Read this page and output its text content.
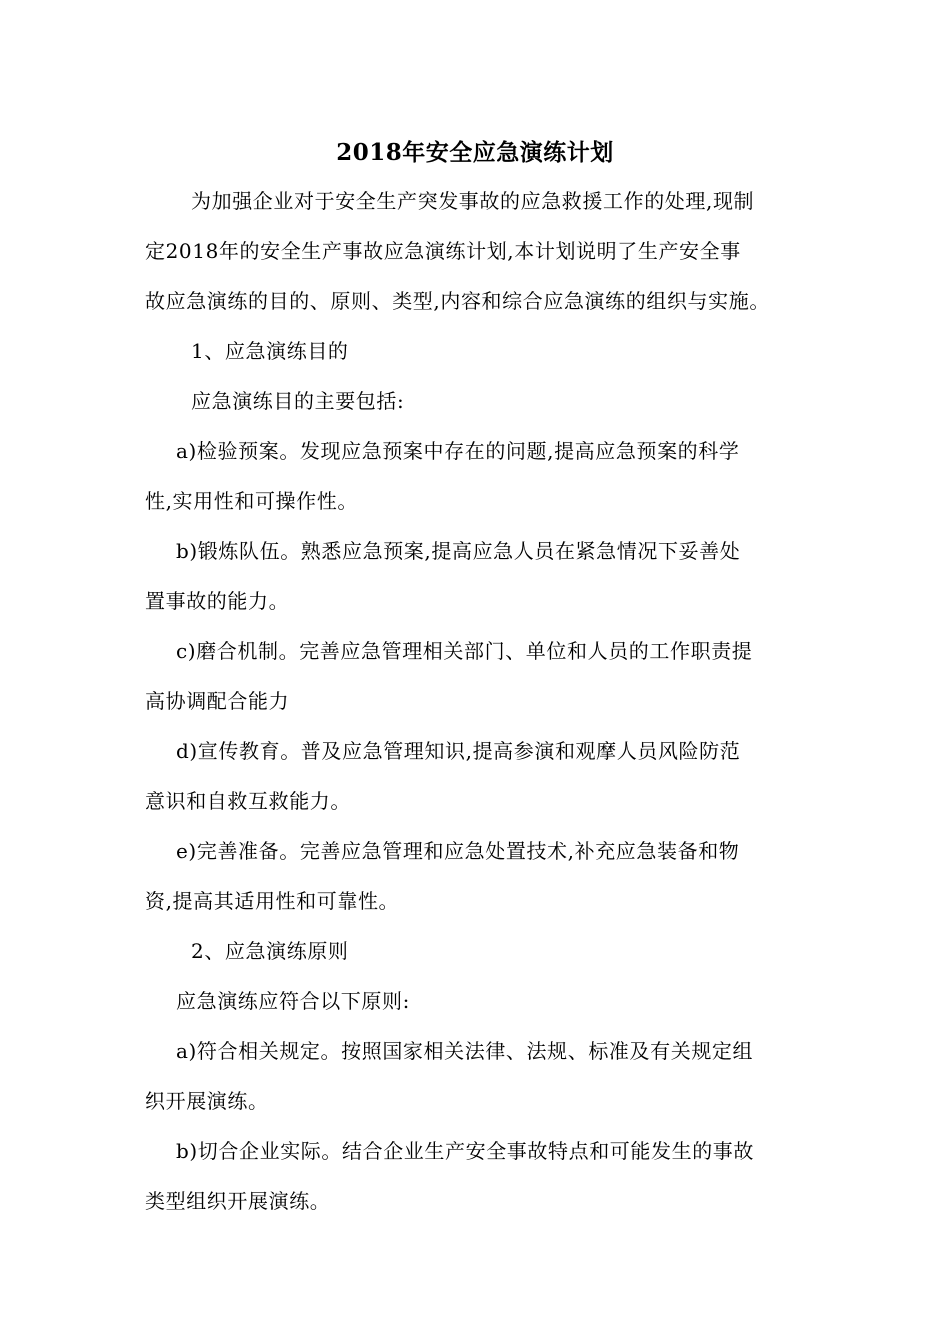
2018年安全应急演练计划
为加强企业对于安全生产突发事故的应急救援工作的处理,现制
定2018年的安全生产事故应急演练计划,本计划说明了生产安全事
故应急演练的目的、原则、类型,内容和综合应急演练的组织与实施。
1、应急演练目的
应急演练目的主要包括:
a)检验预案。发现应急预案中存在的问题,提高应急预案的科学
性,实用性和可操作性。
b)锻炼队伍。熟悉应急预案,提高应急人员在紧急情况下妥善处
置事故的能力。
c)磨合机制。完善应急管理相关部门、单位和人员的工作职责提
高协调配合能力
d)宣传教育。普及应急管理知识,提高参演和观摩人员风险防范
意识和自救互救能力。
e)完善准备。完善应急管理和应急处置技术,补充应急装备和物
资,提高其适用性和可靠性。
2、应急演练原则
应急演练应符合以下原则:
a)符合相关规定。按照国家相关法律、法规、标准及有关规定组
织开展演练。
b)切合企业实际。结合企业生产安全事故特点和可能发生的事故
类型组织开展演练。
